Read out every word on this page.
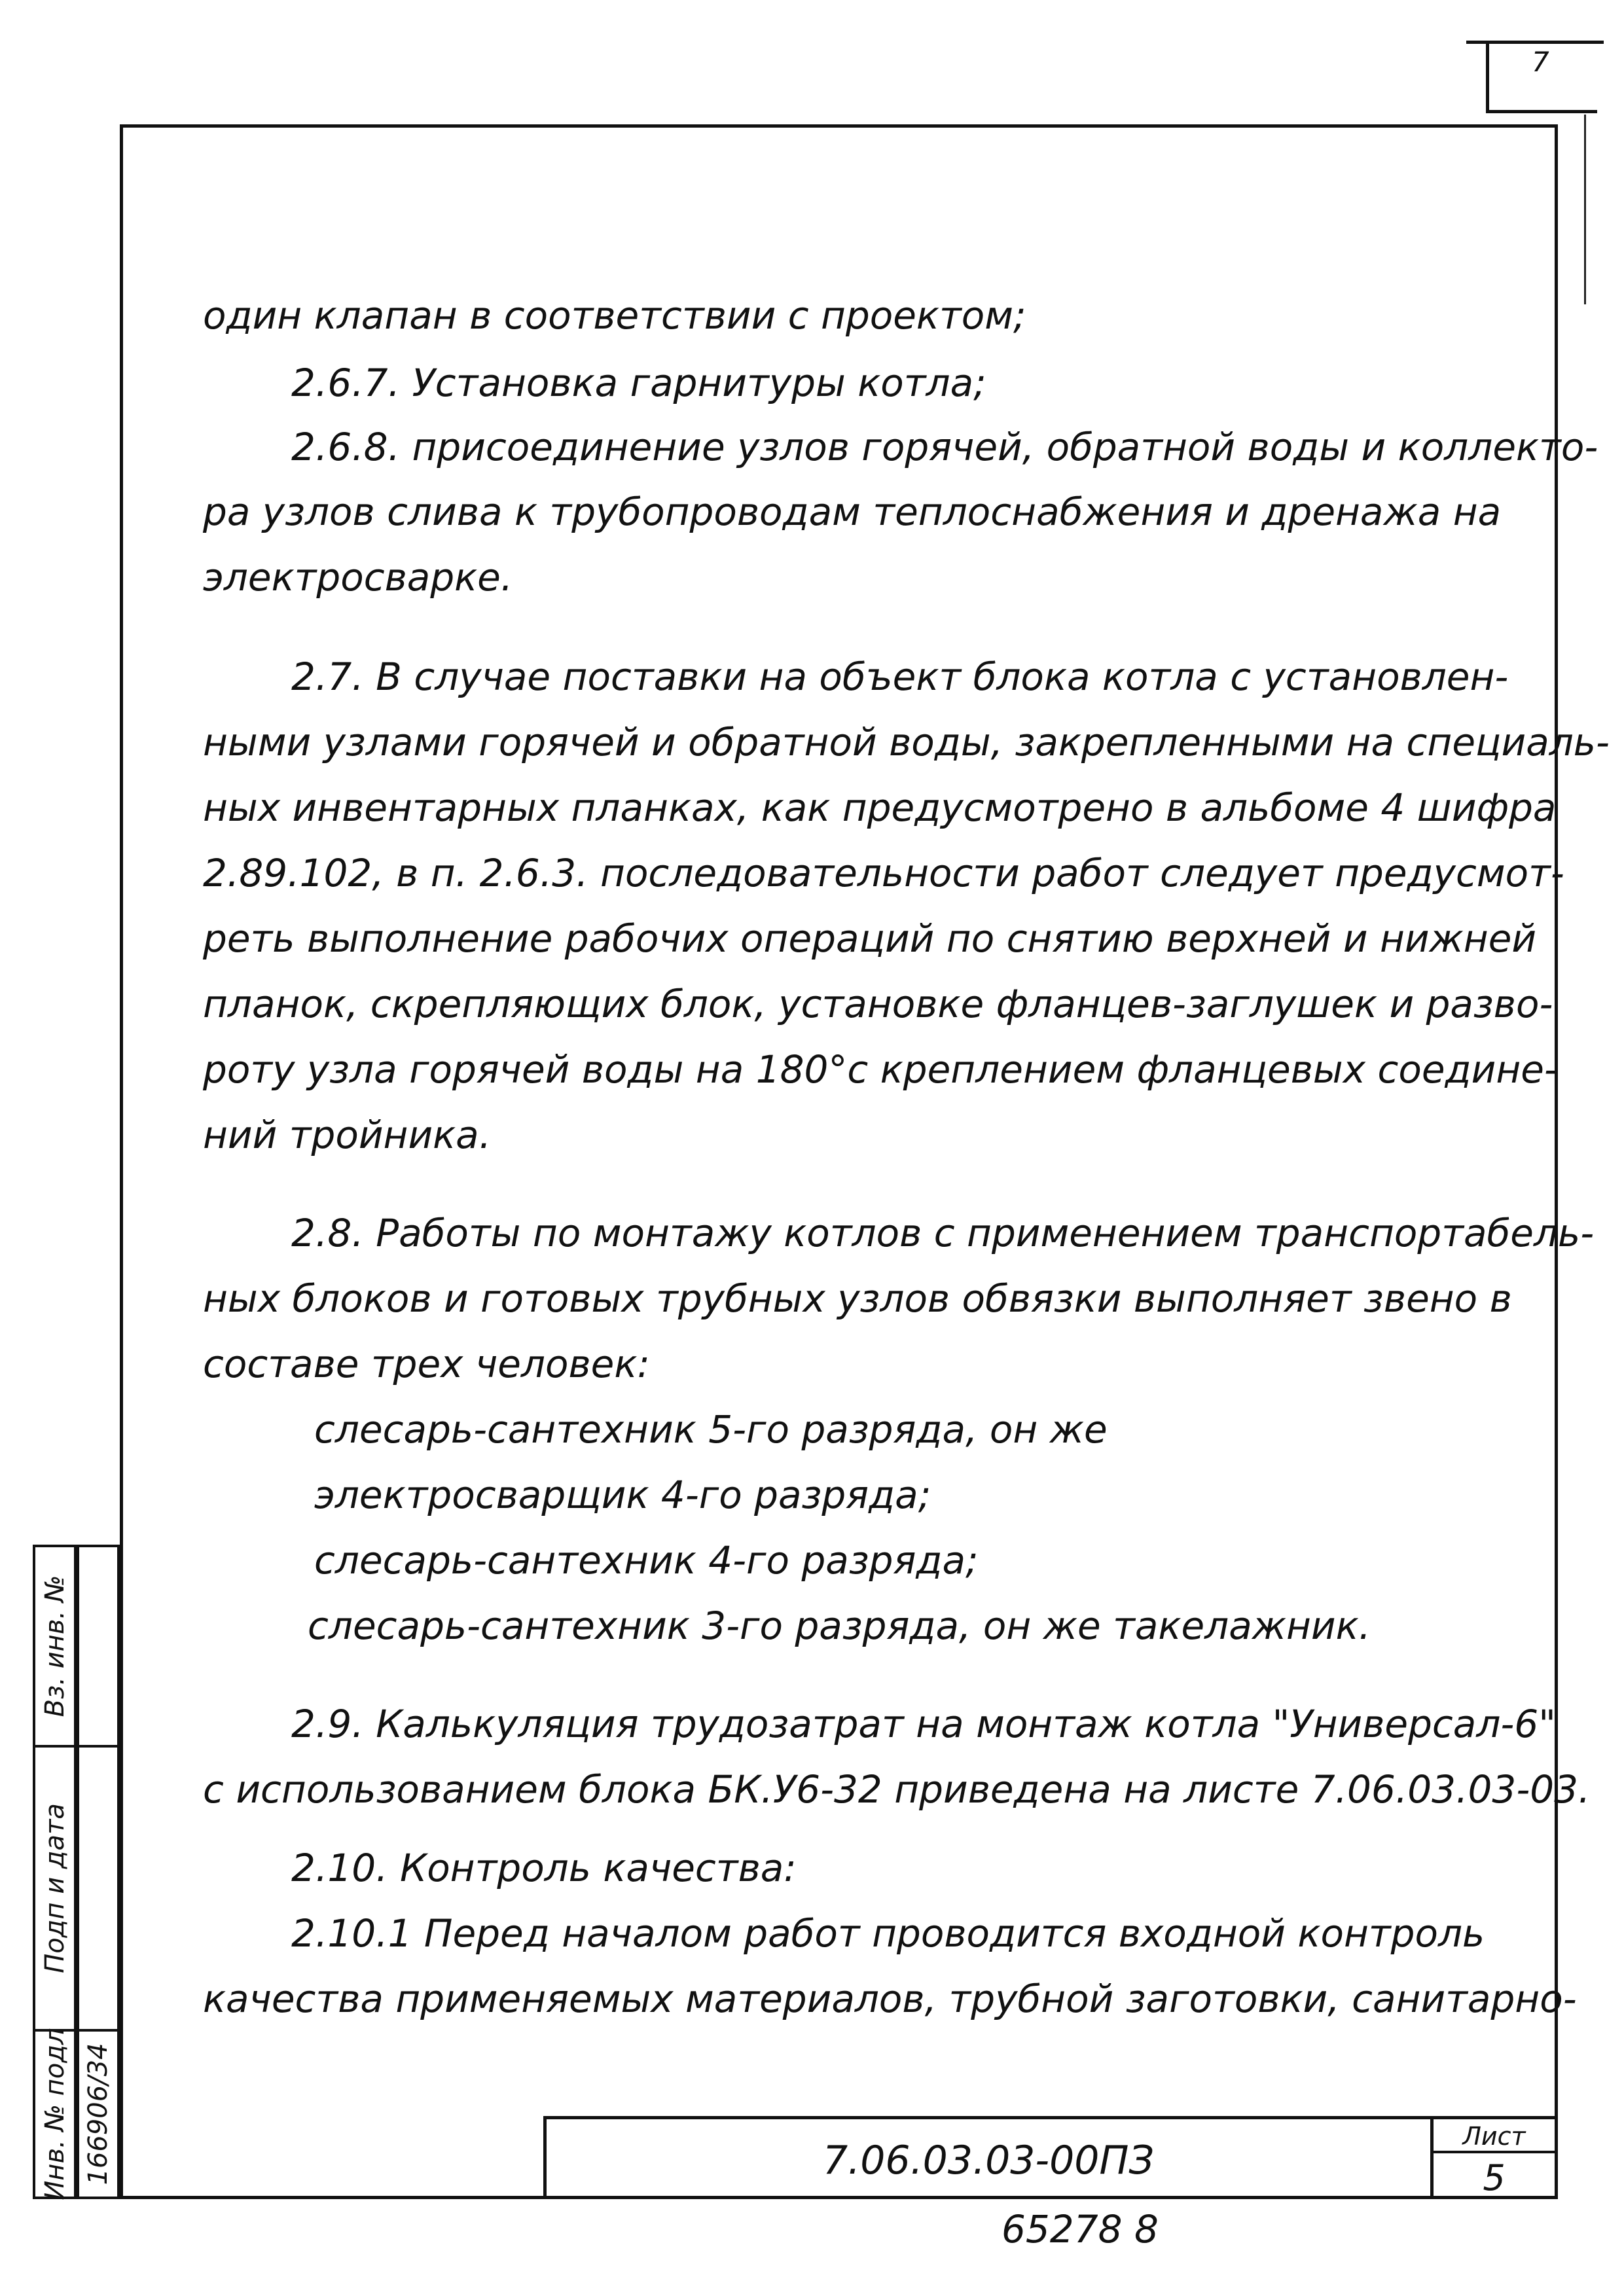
7
один клапан в соответствии с проектом;
2.6.7. Установка гарнитуры котла;
2.6.8. присоединение узлов горячей, обратной воды и коллекто-
ра узлов слива к трубопроводам теплоснабжения и дренажа на
электросварке.
2.7. В случае поставки на объект блока котла с установлен-
ными узлами горячей и обратной воды, закрепленными на специаль-
ных инвентарных планках, как предусмотрено в альбоме 4 шифра
2.89.102, в п. 2.6.3. последовательности работ следует предусмот-
реть выполнение рабочих операций по снятию верхней и нижней
планок, скрепляющих блок, установке фланцев-заглушек и разво-
роту узла горячей воды на 180°с креплением фланцевых соедине-
ний тройника.
2.8. Работы по монтажу котлов с применением транспортабель-
ных блоков и готовых трубных узлов обвязки выполняет звено в
составе трех человек:
слесарь-сантехник 5-го разряда, он же
электросварщик 4-го разряда;
слесарь-сантехник 4-го разряда;
слесарь-сантехник 3-го разряда, он же такелажник.
2.9. Калькуляция трудозатрат на монтаж котла "Универсал-6"
с использованием блока БК.У6-32 приведена на листе 7.06.03.03-03.
2.10. Контроль качества:
2.10.1 Перед началом работ проводится входной контроль
качества применяемых материалов, трубной заготовки, санитарно-
Вз. инв. №
Подп и дата
Инв. № подл 166906/34	7.06.03.03-00ПЗ
Лист
5
65278 8
